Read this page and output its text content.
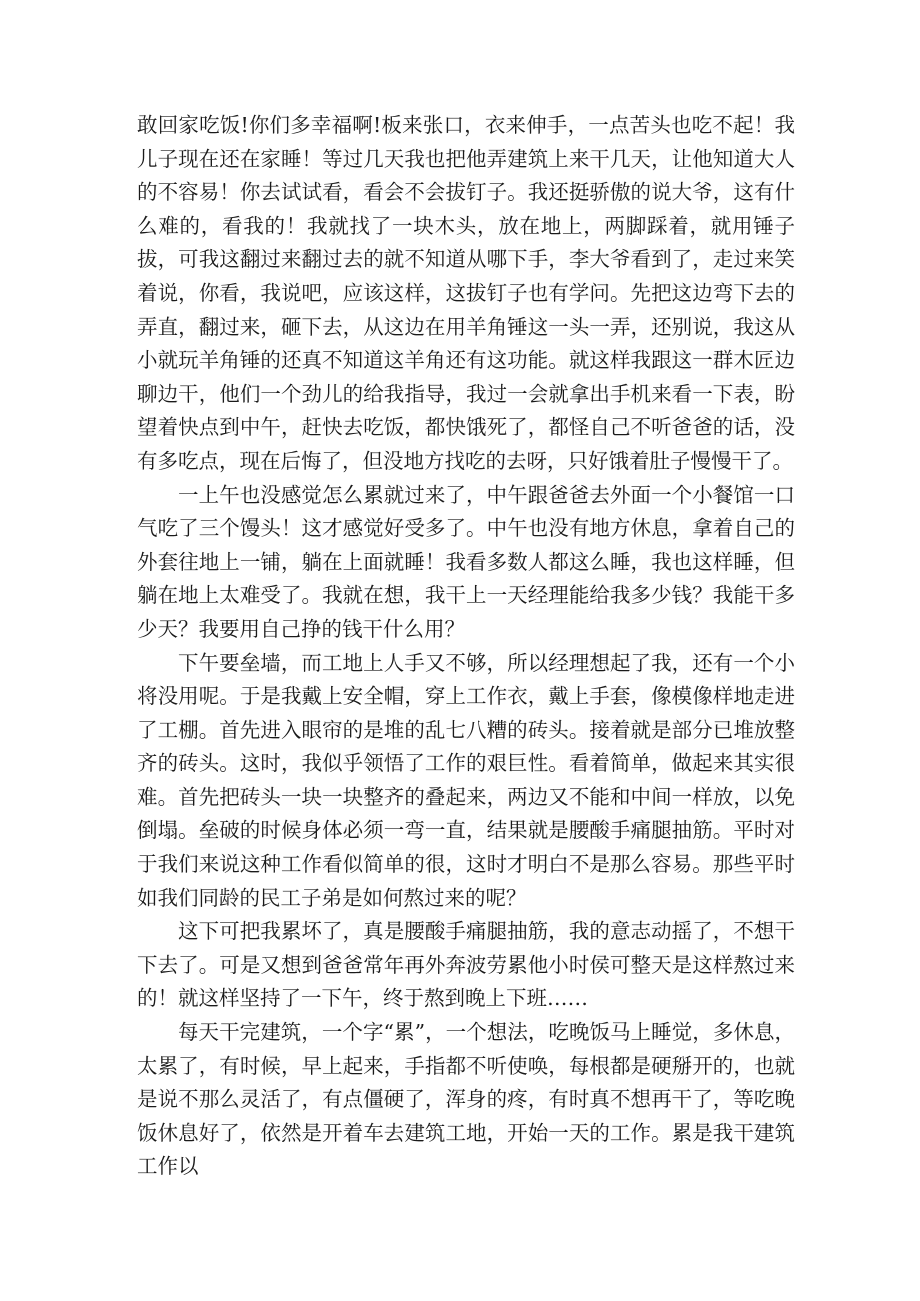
敢回家吃饭!你们多幸福啊!板来张口，衣来伸手，一点苦头也吃不起！我儿子现在还在家睡！等过几天我也把他弄建筑上来干几天，让他知道大人的不容易！你去试试看，看会不会拔钉子。我还挺骄傲的说大爷，这有什么难的，看我的！我就找了一块木头，放在地上，两脚踩着，就用锤子拔，可我这翻过来翻过去的就不知道从哪下手，李大爷看到了，走过来笑着说，你看，我说吧，应该这样，这拔钉子也有学问。先把这边弯下去的弄直，翻过来，砸下去，从这边在用羊角锤这一头一弄，还别说，我这从小就玩羊角锤的还真不知道这羊角还有这功能。就这样我跟这一群木匠边聊边干，他们一个劲儿的给我指导，我过一会就拿出手机来看一下表，盼望着快点到中午，赶快去吃饭，都快饿死了，都怪自己不听爸爸的话，没有多吃点，现在后悔了，但没地方找吃的去呀，只好饿着肚子慢慢干了。

一上午也没感觉怎么累就过来了，中午跟爸爸去外面一个小餐馆一口气吃了三个馒头！这才感觉好受多了。中午也没有地方休息，拿着自己的外套往地上一铺，躺在上面就睡！我看多数人都这么睡，我也这样睡，但躺在地上太难受了。我就在想，我干上一天经理能给我多少钱？我能干多少天？我要用自己挣的钱干什么用？

下午要垒墙，而工地上人手又不够，所以经理想起了我，还有一个小将没用呢。于是我戴上安全帽，穿上工作衣，戴上手套，像模像样地走进了工棚。首先进入眼帘的是堆的乱七八糟的砖头。接着就是部分已堆放整齐的砖头。这时，我似乎领悟了工作的艰巨性。看着简单，做起来其实很难。首先把砖头一块一块整齐的叠起来，两边又不能和中间一样放，以免倒塌。垒破的时候身体必须一弯一直，结果就是腰酸手痛腿抽筋。平时对于我们来说这种工作看似简单的很，这时才明白不是那么容易。那些平时如我们同龄的民工子弟是如何熬过来的呢？

这下可把我累坏了，真是腰酸手痛腿抽筋，我的意志动摇了，不想干下去了。可是又想到爸爸常年再外奔波劳累他小时侯可整天是这样熬过来的！就这样坚持了一下午，终于熬到晚上下班……

每天干完建筑，一个字“累”，一个想法，吃晚饭马上睡觉，多休息，太累了，有时候，早上起来，手指都不听使唤，每根都是硬掰开的，也就是说不那么灵活了，有点僵硬了，浑身的疼，有时真不想再干了，等吃晚饭休息好了，依然是开着车去建筑工地，开始一天的工作。累是我干建筑工作以
